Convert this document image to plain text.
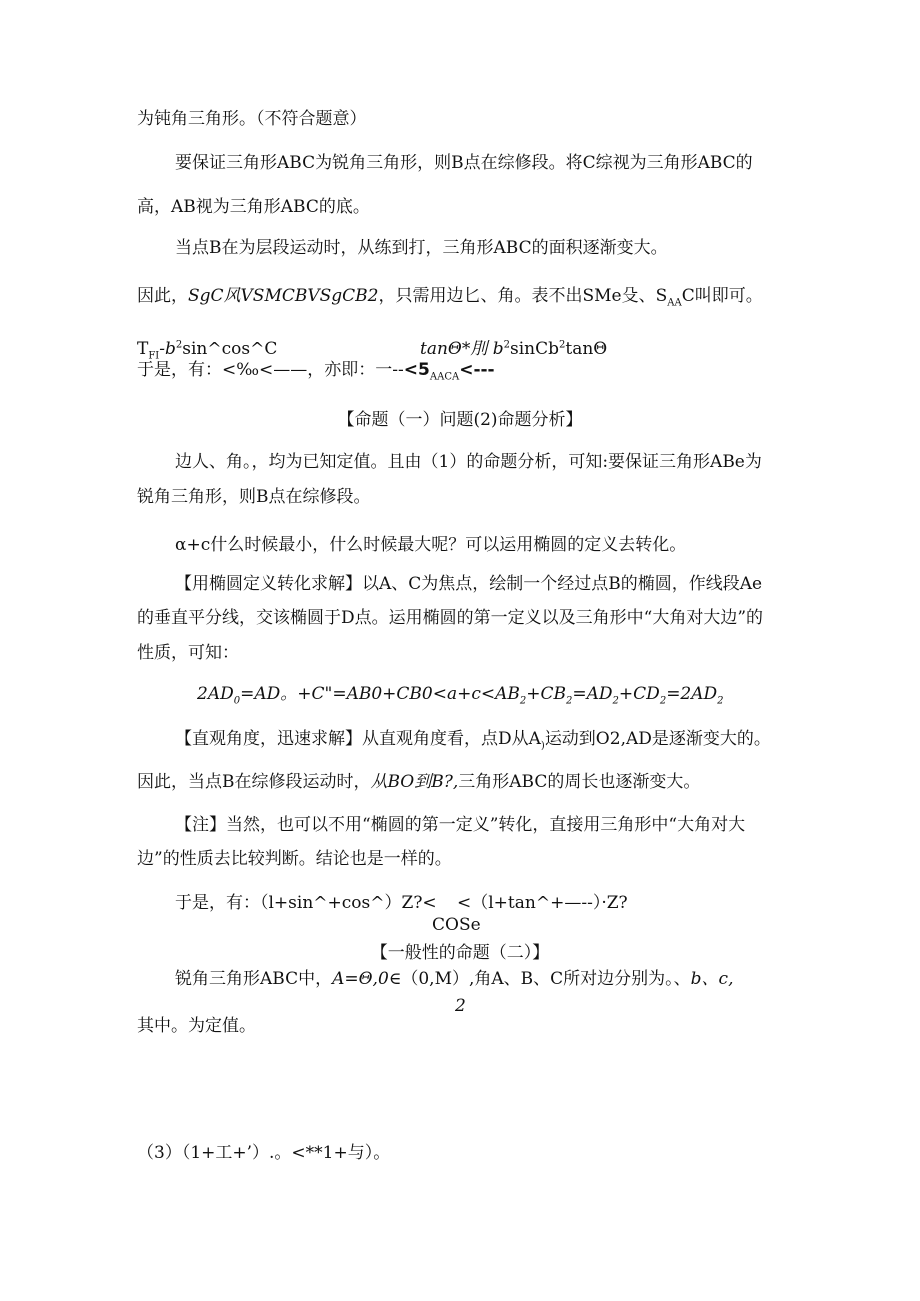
为钝角三角形。（不符合题意）
要保证三角形ABC为锐角三角形，则B点在综修段。将C综视为三角形ABC的
高，AB视为三角形ABC的底。
当点B在为层段运动时，从练到打，三角形ABC的面积逐渐变大。
因此，SgC风VSMCBVSgCB2，只需用边匕、角。表不出SMe殳、$S_{AA}C$叫即可。
$T_{FI}-b^2\sin\^{}\cos\^{}C$	tanΘ*刖 $b^2sinCb^2\tan\Theta$
于是，有：<‰<——，亦即：一$--<5_{AACA}<---$
【命题（一）问题(2)命题分析】
边人、角。，均为已知定值。且由（1）的命题分析，可知:要保证三角形ABe为
锐角三角形，则B点在综修段。
α+c什么时候最小，什么时候最大呢？可以运用椭圆的定义去转化。
【用椭圆定义转化求解】以A、C为焦点，绘制一个经过点B的椭圆，作线段Ae
的垂直平分线，交该椭圆于D点。运用椭圆的第一定义以及三角形中“大角对大边”的
性质，可知：
$2AD_0=AD$。$+C"=AB0+CB0<a+c<AB_2+CB_2=AD_2+CD_2=2AD_2$
【直观角度，迅速求解】从直观角度看，点D从$A_)$运动到O2,AD是逐渐变大的。
因此，当点B在综修段运动时，从BO到B?,三角形ABC的周长也逐渐变大。
【注】当然，也可以不用“椭圆的第一定义”转化，直接用三角形中“大角对大
边”的性质去比较判断。结论也是一样的。
于是，有：（l+sin^+cos^）Z?< <（l+tan^+—--）·Z?
COSe
【一般性的命题（二）】
锐角三角形ABC中，A=Θ,0∈（0,M）,角A、B、C所对边分别为。、b、c,
2
其中。为定值。
（3）（1+工+’）.。<**1+与）。
